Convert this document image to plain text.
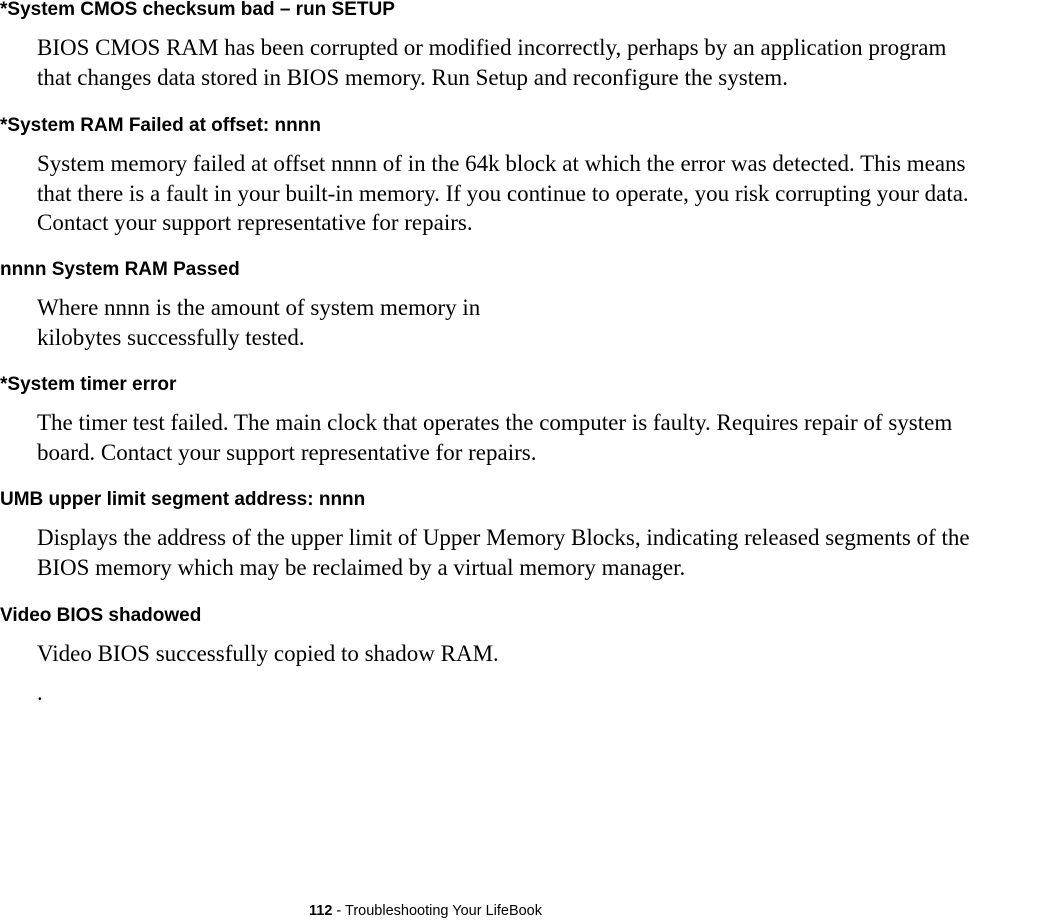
*System CMOS checksum bad – run SETUP

BIOS CMOS RAM has been corrupted or modified incorrectly, perhaps by an application program
that changes data stored in BIOS memory. Run Setup and reconfigure the system.

*System RAM Failed at offset: nnnn

System memory failed at offset nnnn of in the 64k block at which the error was detected. This means
that there is a fault in your built-in memory. If you continue to operate, you risk corrupting your data.
Contact your support representative for repairs.

nnnn System RAM Passed

Where nnnn is the amount of system memory in
kilobytes successfully tested.

*System timer error

The timer test failed. The main clock that operates the computer is faulty. Requires repair of system
board. Contact your support representative for repairs.

UMB upper limit segment address: nnnn

Displays the address of the upper limit of Upper Memory Blocks, indicating released segments of the
BIOS memory which may be reclaimed by a virtual memory manager.

Video BIOS shadowed

Video BIOS successfully copied to shadow RAM.
.
112 - Troubleshooting Your LifeBook
